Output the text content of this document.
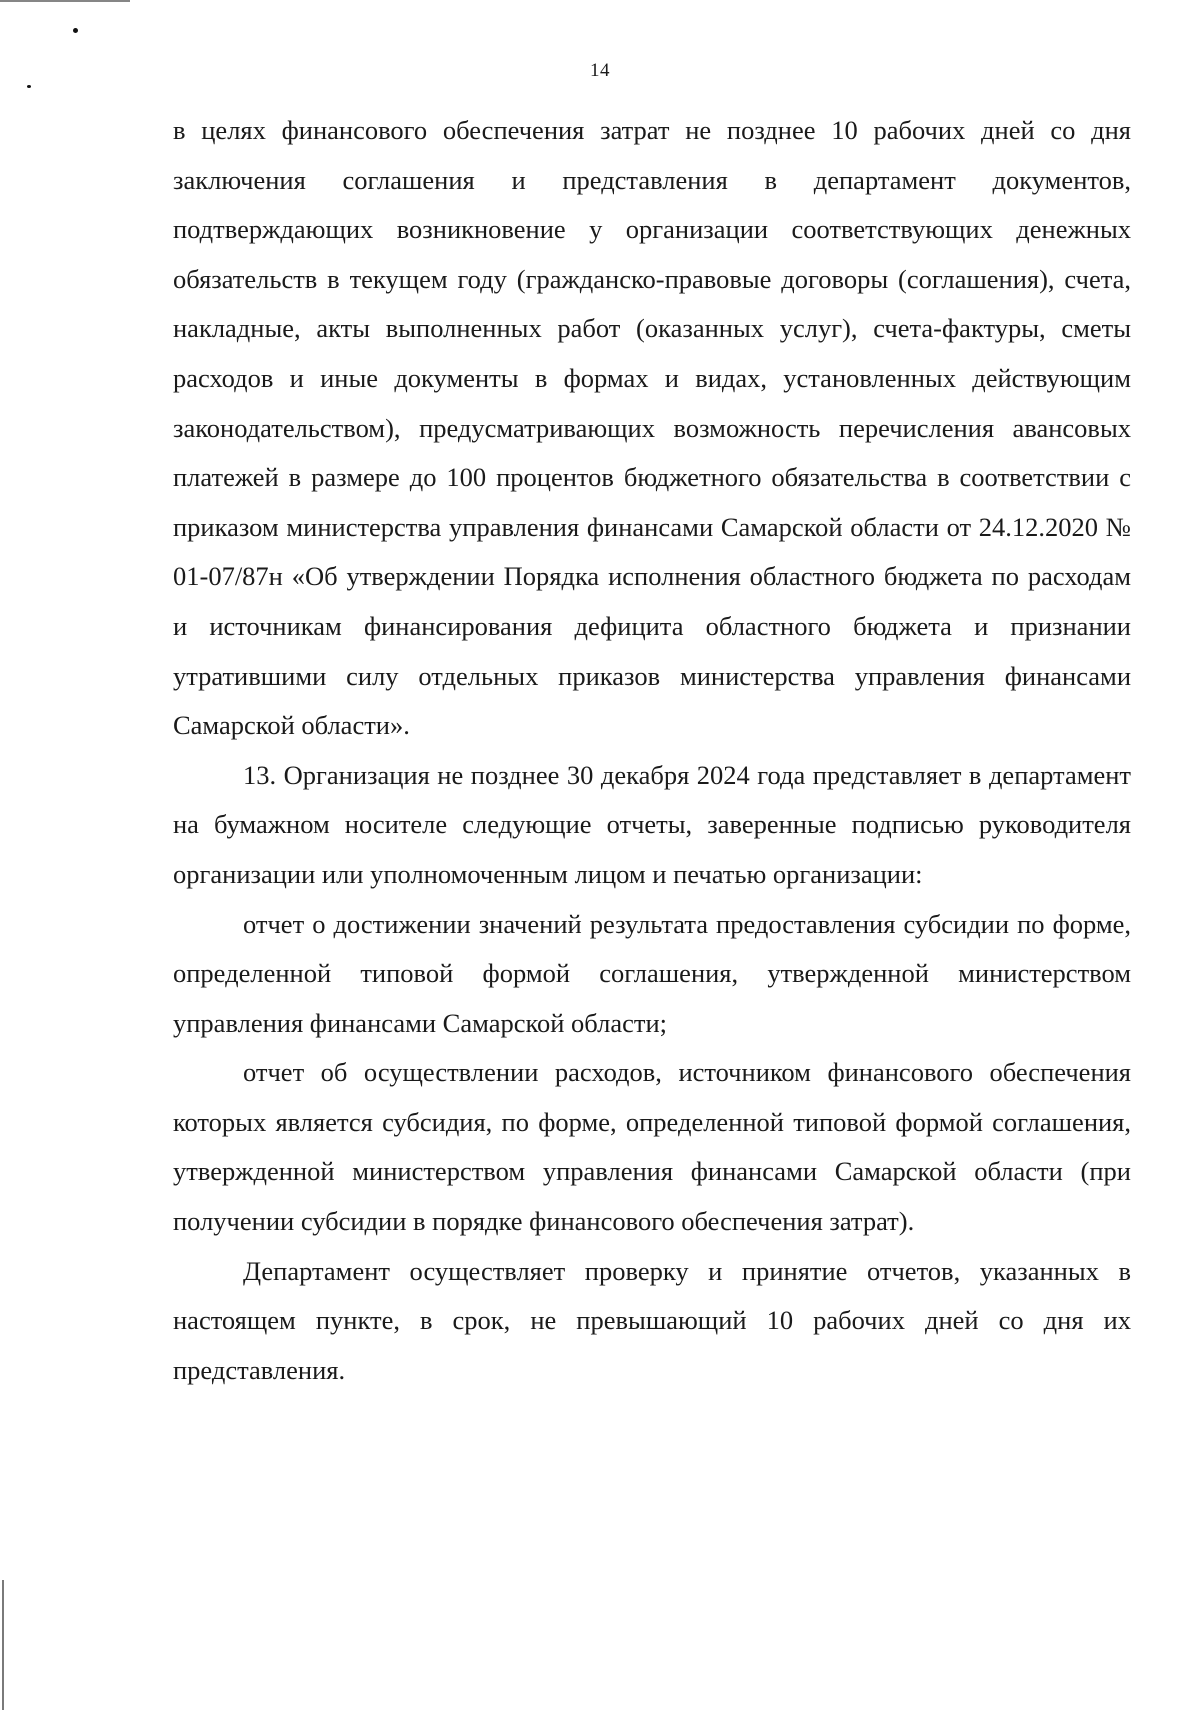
14

в целях финансового обеспечения затрат не позднее 10 рабочих дней со дня заключения соглашения и представления в департамент документов, подтверждающих возникновение у организации соответствующих денежных обязательств в текущем году (гражданско-правовые договоры (соглашения), счета, накладные, акты выполненных работ (оказанных услуг), счета-фактуры, сметы расходов и иные документы в формах и видах, установленных действующим законодательством), предусматривающих возможность перечисления авансовых платежей в размере до 100 процентов бюджетного обязательства в соответствии с приказом министерства управления финансами Самарской области от 24.12.2020 № 01-07/87н «Об утверждении Порядка исполнения областного бюджета по расходам и источникам финансирования дефицита областного бюджета и признании утратившими силу отдельных приказов министерства управления финансами Самарской области».

13. Организация не позднее 30 декабря 2024 года представляет в департамент на бумажном носителе следующие отчеты, заверенные подписью руководителя организации или уполномоченным лицом и печатью организации:

отчет о достижении значений результата предоставления субсидии по форме, определенной типовой формой соглашения, утвержденной министерством управления финансами Самарской области;

отчет об осуществлении расходов, источником финансового обеспечения которых является субсидия, по форме, определенной типовой формой соглашения, утвержденной министерством управления финансами Самарской области (при получении субсидии в порядке финансового обеспечения затрат).

Департамент осуществляет проверку и принятие отчетов, указанных в настоящем пункте, в срок, не превышающий 10 рабочих дней со дня их представления.
